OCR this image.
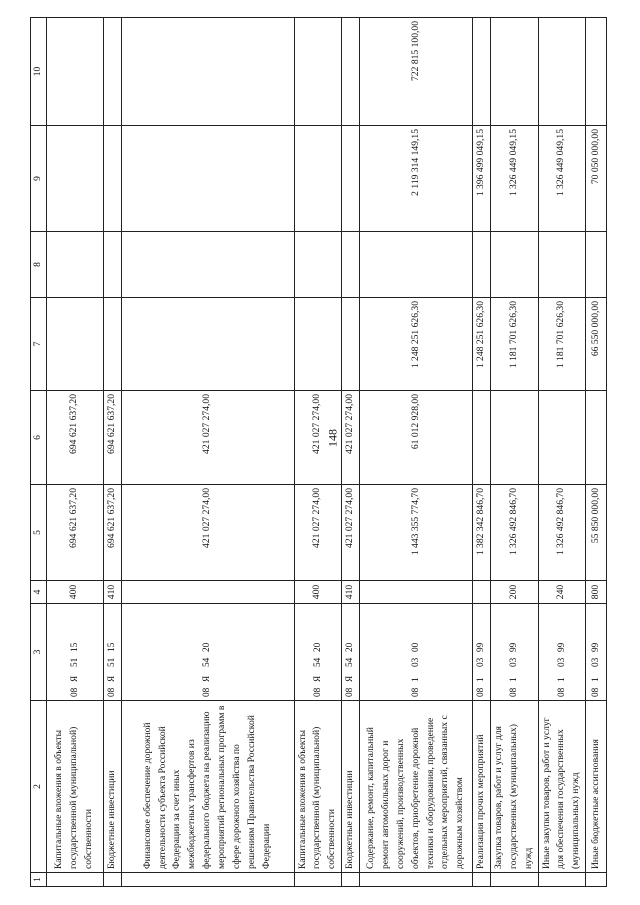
148
1	2	3	4	5	6	7	8	9	10
	Капитальные вложения в объекты государственной (муниципальной) собственности	08Я5115	400	694 621 637,20	694 621 637,20				
	Бюджетные инвестиции	08Я5115	410	694 621 637,20	694 621 637,20				
	Финансовое обеспечение дорожной деятельности субъекта Российской Федерации за счет иных межбюджетных трансфертов из федерального бюджета на реализацию мероприятий региональных программ в сфере дорожного хозяйства по решениям Правительства Российской Федерации	08Я5420		421 027 274,00	421 027 274,00				
	Капитальные вложения в объекты государственной (муниципальной) собственности	08Я5420	400	421 027 274,00	421 027 274,00				
	Бюджетные инвестиции	08Я5420	410	421 027 274,00	421 027 274,00				
	Содержание, ремонт, капитальный ремонт автомобильных дорог и сооружений, производственных объектов, приобретение дорожной техники и оборудования, проведение отдельных мероприятий, связанных с дорожным хозяйством	0810300		1 443 355 774,70	61 012 928,00	1 248 251 626,30		2 119 314 149,15	722 815 100,00
	Реализация прочих мероприятий	0810399		1 382 342 846,70		1 248 251 626,30		1 396 499 049,15	
	Закупка товаров, работ и услуг для государственных (муниципальных) нужд	0810399	200	1 326 492 846,70		1 181 701 626,30		1 326 449 049,15	
	Иные закупки товаров, работ и услуг для обеспечения государственных (муниципальных) нужд	0810399	240	1 326 492 846,70		1 181 701 626,30		1 326 449 049,15	
	Иные бюджетные ассигнования	0810399	800	55 850 000,00		66 550 000,00		70 050 000,00	
